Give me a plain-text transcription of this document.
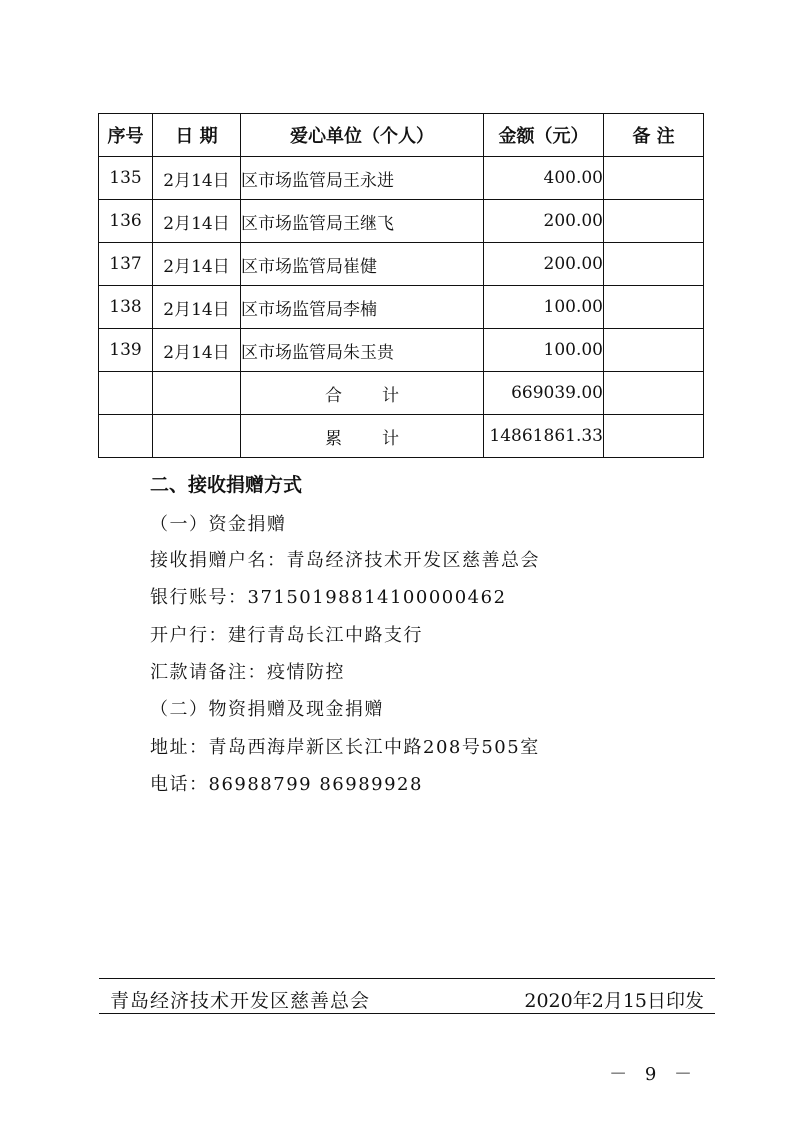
序号	日 期	爱心单位（个人）	金额（元）	备 注
135	2月14日	区市场监管局王永进	400.00	
136	2月14日	区市场监管局王继飞	200.00	
137	2月14日	区市场监管局崔健	200.00	
138	2月14日	区市场监管局李楠	100.00	
139	2月14日	区市场监管局朱玉贵	100.00	
		合 计	669039.00	
		累 计	14861861.33	
二、接收捐赠方式
（一）资金捐赠
接收捐赠户名：青岛经济技术开发区慈善总会
银行账号：37150198814100000462
开户行：建行青岛长江中路支行
汇款请备注：疫情防控
（二）物资捐赠及现金捐赠
地址：青岛西海岸新区长江中路208号505室
电话：86988799 86989928
青岛经济技术开发区慈善总会	2020年2月15日印发
－ 9 －
